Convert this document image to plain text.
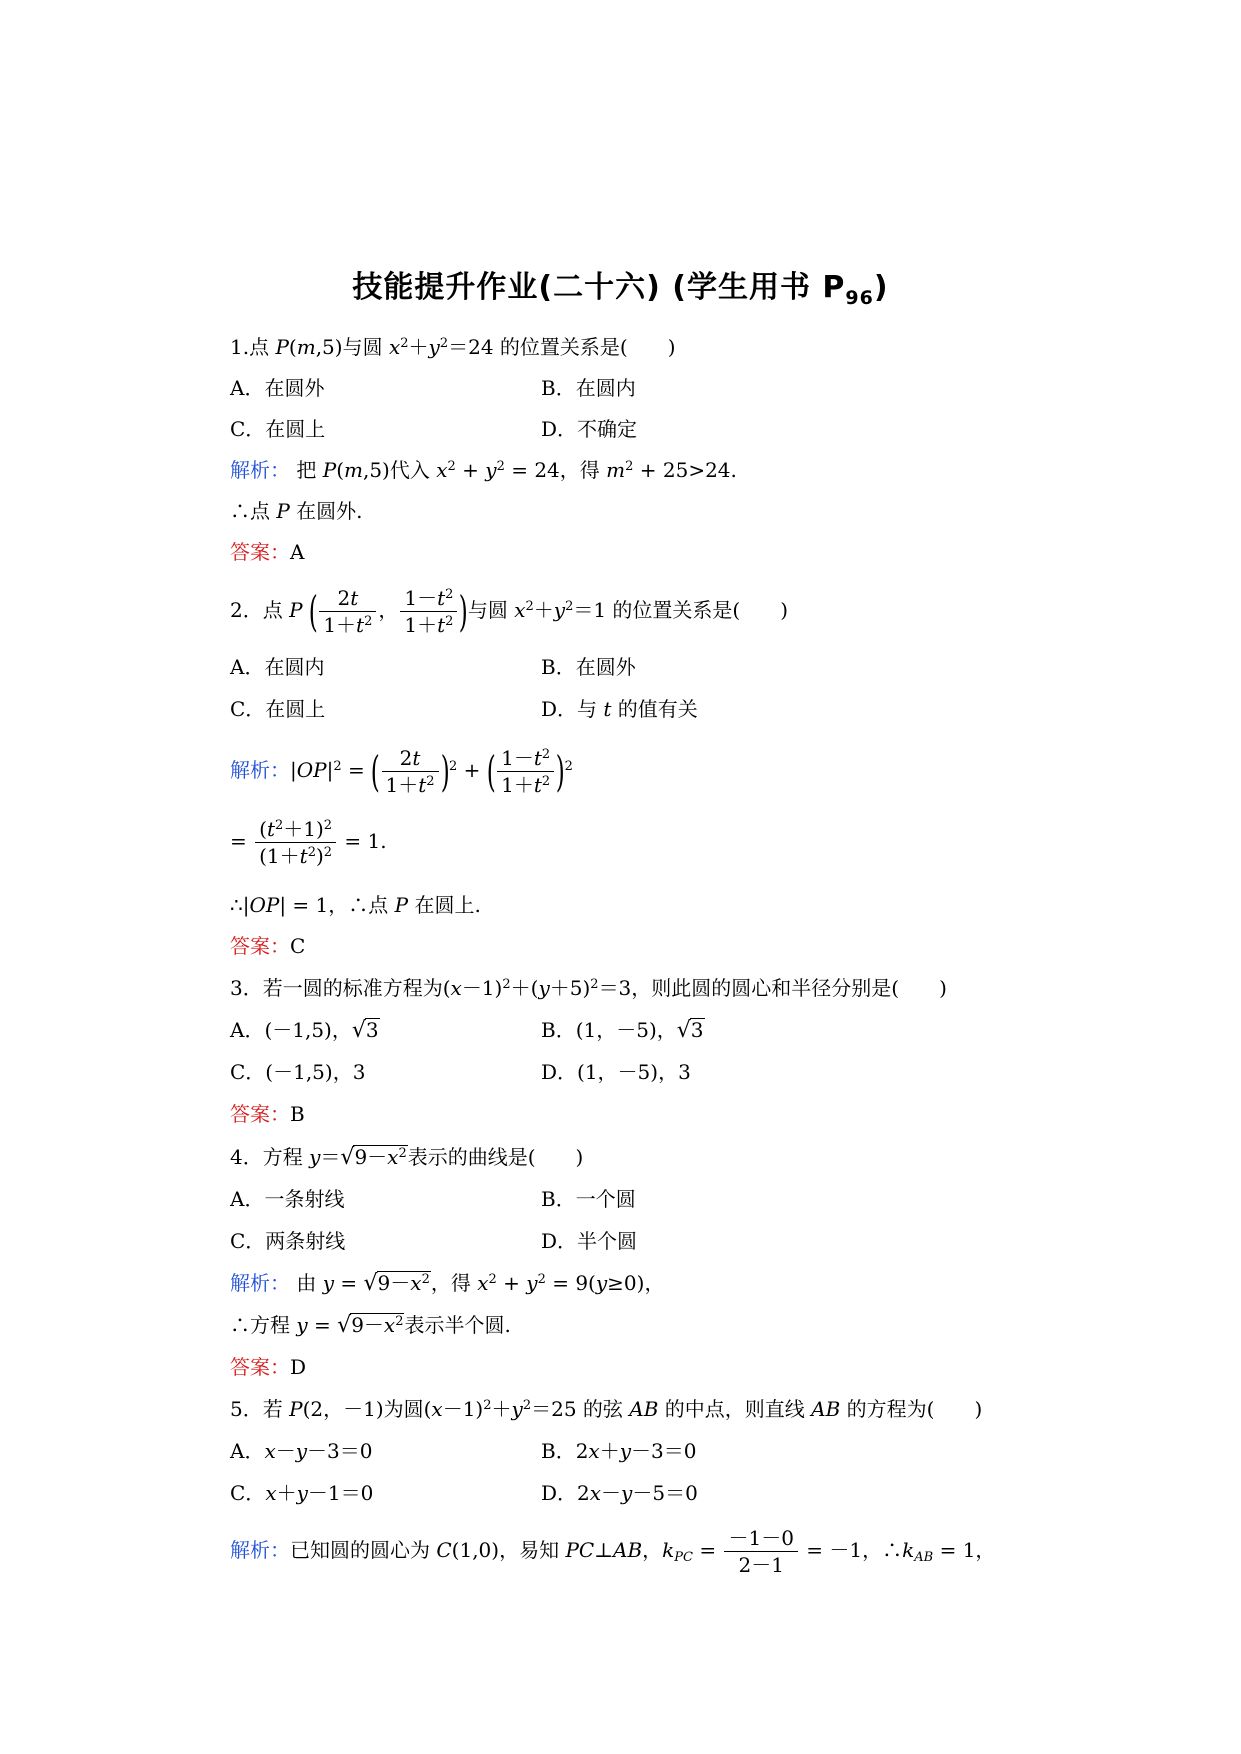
技能提升作业(二十六) (学生用书 $P_{96}$)
1.点 P(m,5)与圆 $x^2+y^2=24$ 的位置关系是(　　)
A．在圆外	B．在圆内
C．在圆上	D．不确定
解析： 把 P(m,5)代入 $x^2 + y^2 = 24$，得 $m^2 + 25>24$.
∴点 P 在圆外.
答案：A
2．点 P ( $\frac{2t}{1+t^2}$ ， $\frac{1-t^2}{1+t^2}$ )与圆 $x^2+y^2=1$ 的位置关系是(　　)
A．在圆内	B．在圆外
C．在圆上	D．与 t 的值有关
解析：$|OP|^2$ = ( $\frac{2t}{1+t^2} )^2$ + ( $\frac{1-t^2}{1+t^2} )^2$
= $\frac{(t^2+1)^2}{(1+t^2)^2} = 1$.
∴|OP| = 1，∴点 P 在圆上.
答案：C
3．若一圆的标准方程为$(x-1)^2+(y+5)^2=3$，则此圆的圆心和半径分别是(　　)
A．(－1,5)，√3	B．(1，－5)，√3
C．(－1,5)，3	D．(1，－5)，3
答案：B
4．方程 $y=√9-x^2$表示的曲线是(　　)
A．一条射线	B．一个圆
C．两条射线	D．半个圆
解析： 由 $y = √9-x^2$，得 $x^2 + y^2 = 9(y\ge 0)$，
∴方程 $y = √9-x^2$表示半个圆.
答案：D
5．若 P(2，－1)为圆$(x-1)^2+y^2=25$ 的弦 AB 的中点，则直线 AB 的方程为(　　)
A．x－y－3＝0	B．2x＋y－3＝0
C．x＋y－1＝0	D．2x－y－5＝0
解析：已知圆的圆心为 C(1,0)，易知 PC⊥AB，$k_{PC} = \frac{-1-0}{2-1} = -1$，$\therefore k_{AB} = 1$，
